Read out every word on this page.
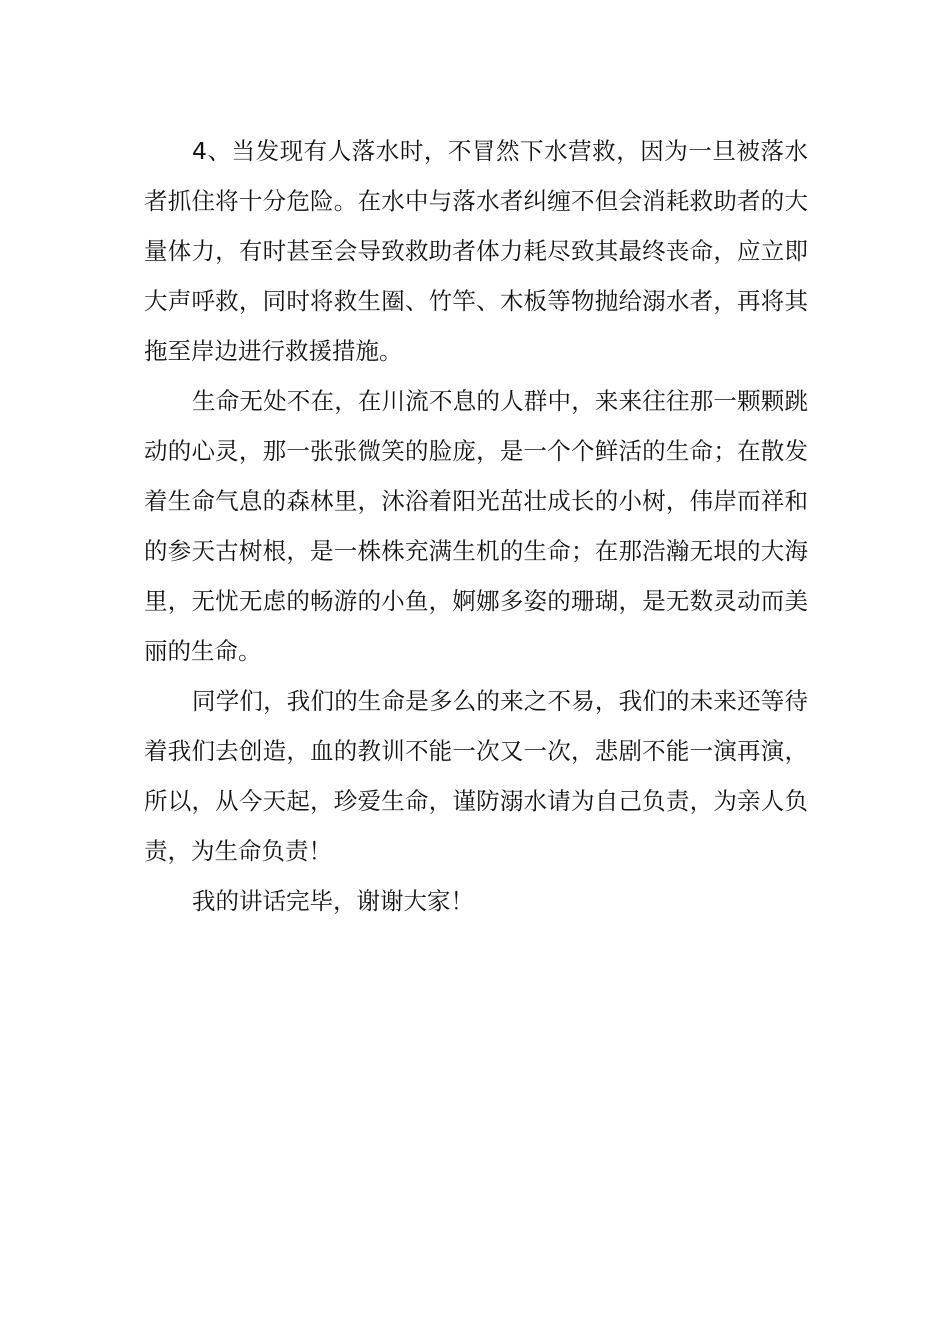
4、当发现有人落水时，不冒然下水营救，因为一旦被落水者抓住将十分危险。在水中与落水者纠缠不但会消耗救助者的大量体力，有时甚至会导致救助者体力耗尽致其最终丧命，应立即大声呼救，同时将救生圈、竹竿、木板等物抛给溺水者，再将其拖至岸边进行救援措施。

生命无处不在，在川流不息的人群中，来来往往那一颗颗跳动的心灵，那一张张微笑的脸庞，是一个个鲜活的生命；在散发着生命气息的森林里，沐浴着阳光茁壮成长的小树，伟岸而祥和的参天古树根，是一株株充满生机的生命；在那浩瀚无垠的大海里，无忧无虑的畅游的小鱼，婀娜多姿的珊瑚，是无数灵动而美丽的生命。

同学们，我们的生命是多么的来之不易，我们的未来还等待着我们去创造，血的教训不能一次又一次，悲剧不能一演再演，所以，从今天起，珍爱生命，谨防溺水请为自己负责，为亲人负责，为生命负责！

我的讲话完毕，谢谢大家！
